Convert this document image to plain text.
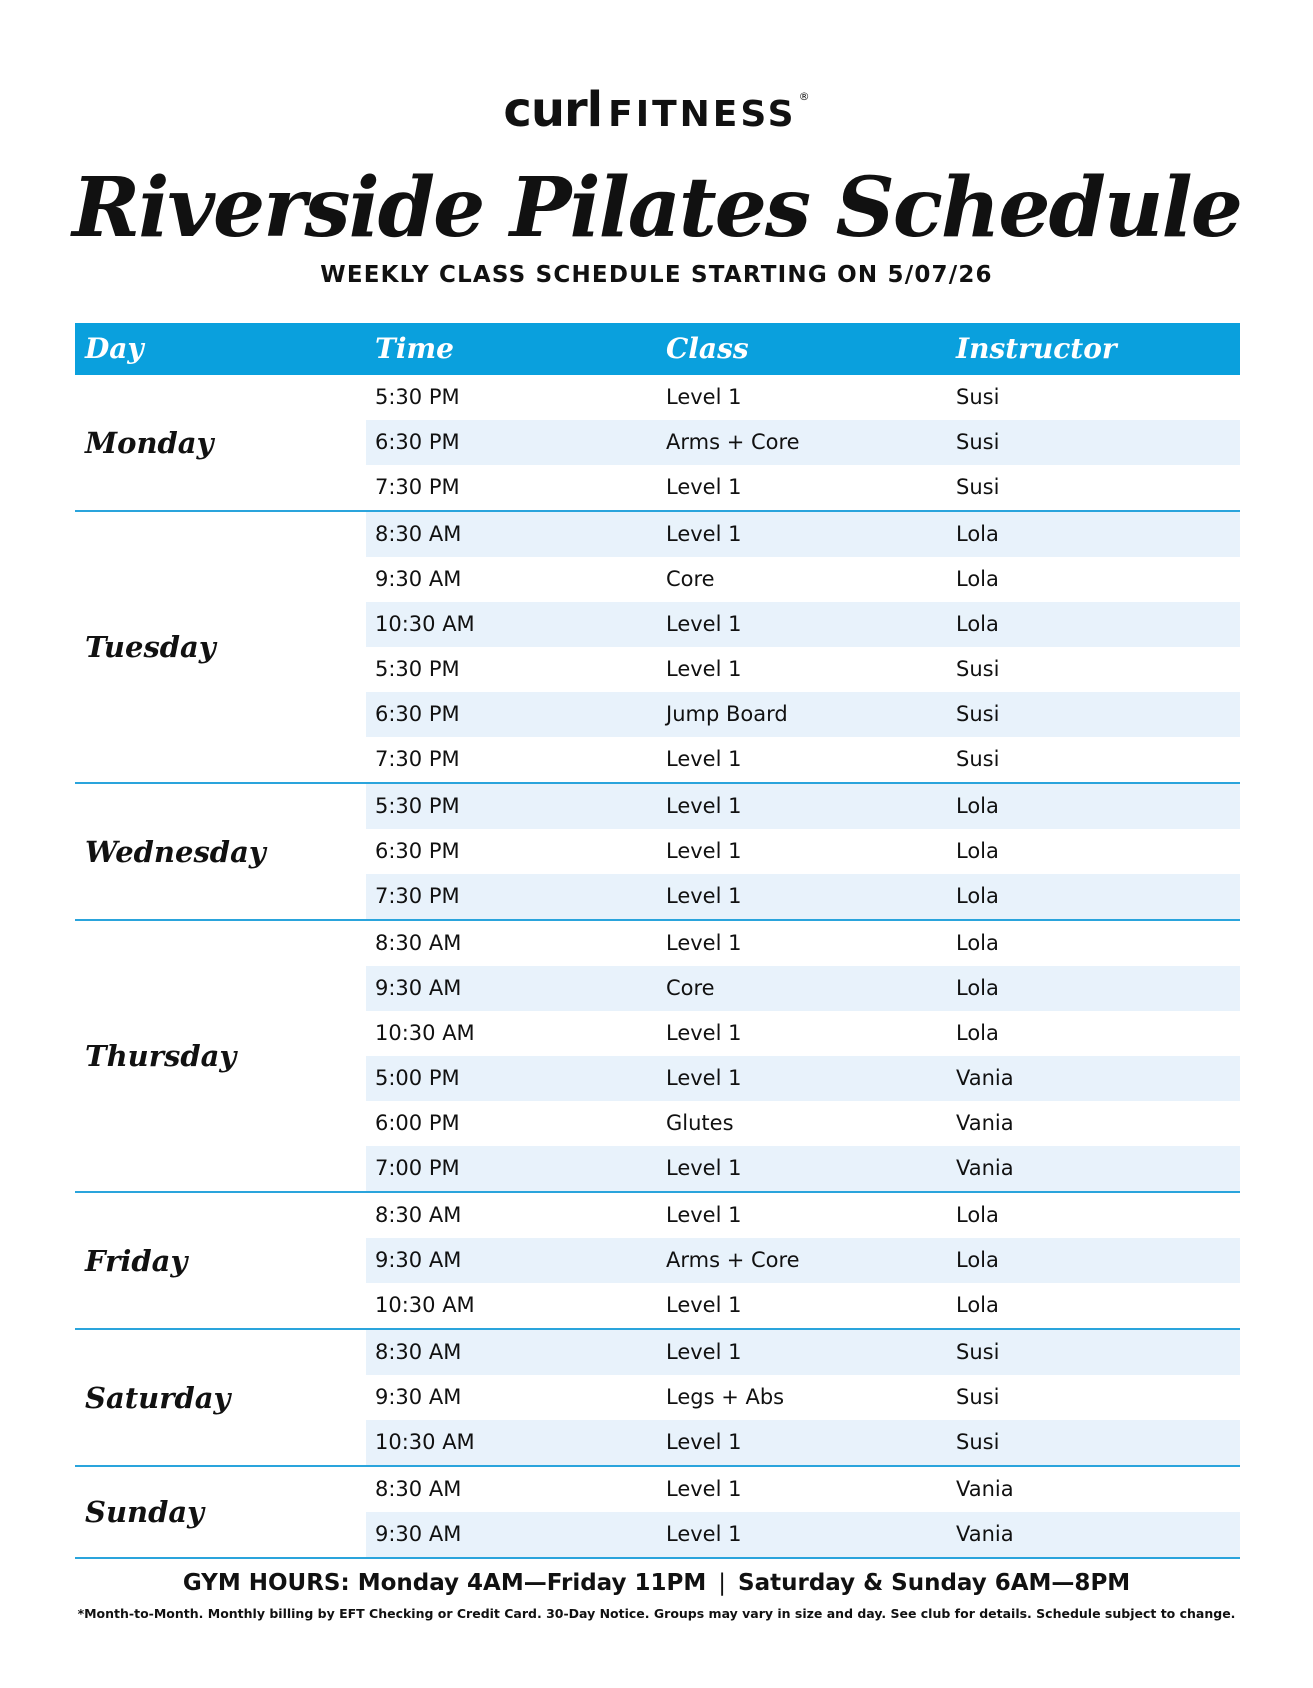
curl FITNESS ®
Riverside Pilates Schedule
WEEKLY CLASS SCHEDULE STARTING ON 5/07/26
Day	Time	Class	Instructor
Monday
5:30 PM	Level 1	Susi
6:30 PM	Arms + Core	Susi
7:30 PM	Level 1	Susi
Tuesday
8:30 AM	Level 1	Lola
9:30 AM	Core	Lola
10:30 AM	Level 1	Lola
5:30 PM	Level 1	Susi
6:30 PM	Jump Board	Susi
7:30 PM	Level 1	Susi
Wednesday
5:30 PM	Level 1	Lola
6:30 PM	Level 1	Lola
7:30 PM	Level 1	Lola
Thursday
8:30 AM	Level 1	Lola
9:30 AM	Core	Lola
10:30 AM	Level 1	Lola
5:00 PM	Level 1	Vania
6:00 PM	Glutes	Vania
7:00 PM	Level 1	Vania
Friday
8:30 AM	Level 1	Lola
9:30 AM	Arms + Core	Lola
10:30 AM	Level 1	Lola
Saturday
8:30 AM	Level 1	Susi
9:30 AM	Legs + Abs	Susi
10:30 AM	Level 1	Susi
Sunday
8:30 AM	Level 1	Vania
9:30 AM	Level 1	Vania
GYM HOURS: Monday 4AM—Friday 11PM | Saturday & Sunday 6AM—8PM
*Month-to-Month. Monthly billing by EFT Checking or Credit Card. 30-Day Notice. Groups may vary in size and day. See club for details. Schedule subject to change.
